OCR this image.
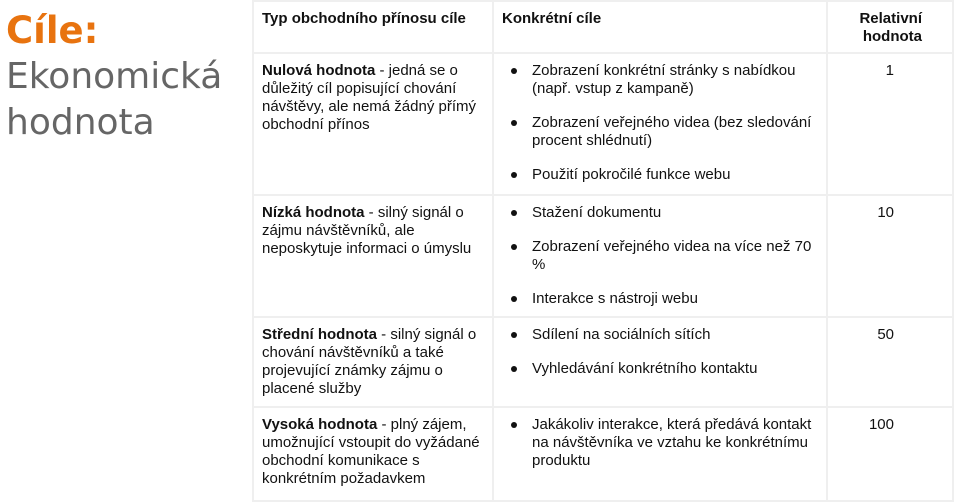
Cíle:
Ekonomická
hodnota
Typ obchodního přínosu cíle	Konkrétní cíle	Relativní hodnota
Nulová hodnota - jedná se o důležitý cíl popisující chování návštěvy, ale nemá žádný přímý obchodní přínos
Zobrazení konkrétní stránky s nabídkou (např. vstup z kampaně)
Zobrazení veřejného videa (bez sledování procent shlédnutí)
Použití pokročilé funkce webu
1
Nízká hodnota - silný signál o zájmu návštěvníků, ale neposkytuje informaci o úmyslu
Stažení dokumentu
Zobrazení veřejného videa na více než 70 %
Interakce s nástroji webu
10
Střední hodnota - silný signál o chování návštěvníků a také projevující známky zájmu o placené služby
Sdílení na sociálních sítích
Vyhledávání konkrétního kontaktu
50
Vysoká hodnota - plný zájem, umožnující vstoupit do vyžádané obchodní komunikace s konkrétním požadavkem
Jakákoliv interakce, která předává kontakt na návštěvníka ve vztahu ke konkrétnímu produktu
100
